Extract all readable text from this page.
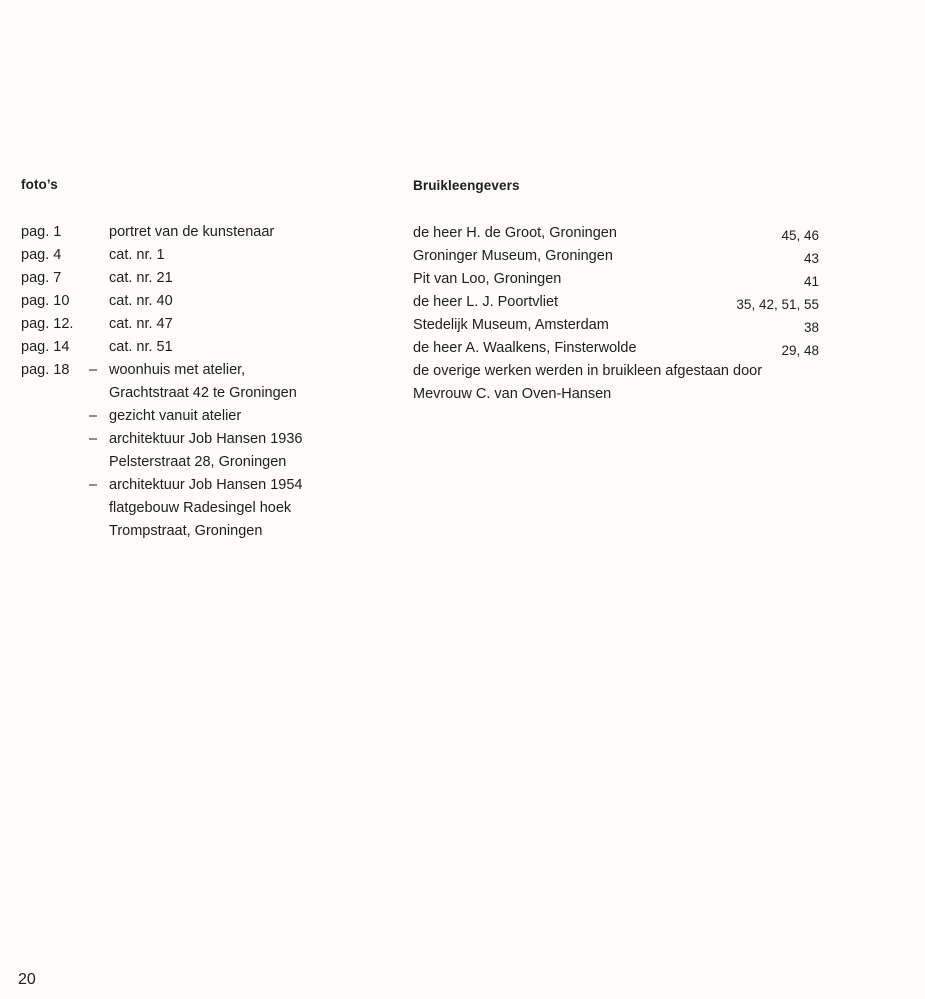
foto’s
pag. 1	portret van de kunstenaar
pag. 4	cat. nr. 1
pag. 7	cat. nr. 21
pag. 10	cat. nr. 40
pag. 12. cat. nr. 47
pag. 14	cat. nr. 51
pag. 18 – woonhuis met atelier,
Grachtstraat 42 te Groningen
– gezicht vanuit atelier
– architektuur Job Hansen 1936
Pelsterstraat 28, Groningen
– architektuur Job Hansen 1954
flatgebouw Radesingel hoek
Trompstraat, Groningen
Bruikleengevers
de heer H. de Groot, Groningen	45, 46
Groninger Museum, Groningen	43
Pit van Loo, Groningen	41
de heer L. J. Poortvliet	35, 42, 51, 55
Stedelijk Museum, Amsterdam	38
de heer A. Waalkens, Finsterwolde	29, 48
de overige werken werden in bruikleen afgestaan door
Mevrouw C. van Oven-Hansen
20
